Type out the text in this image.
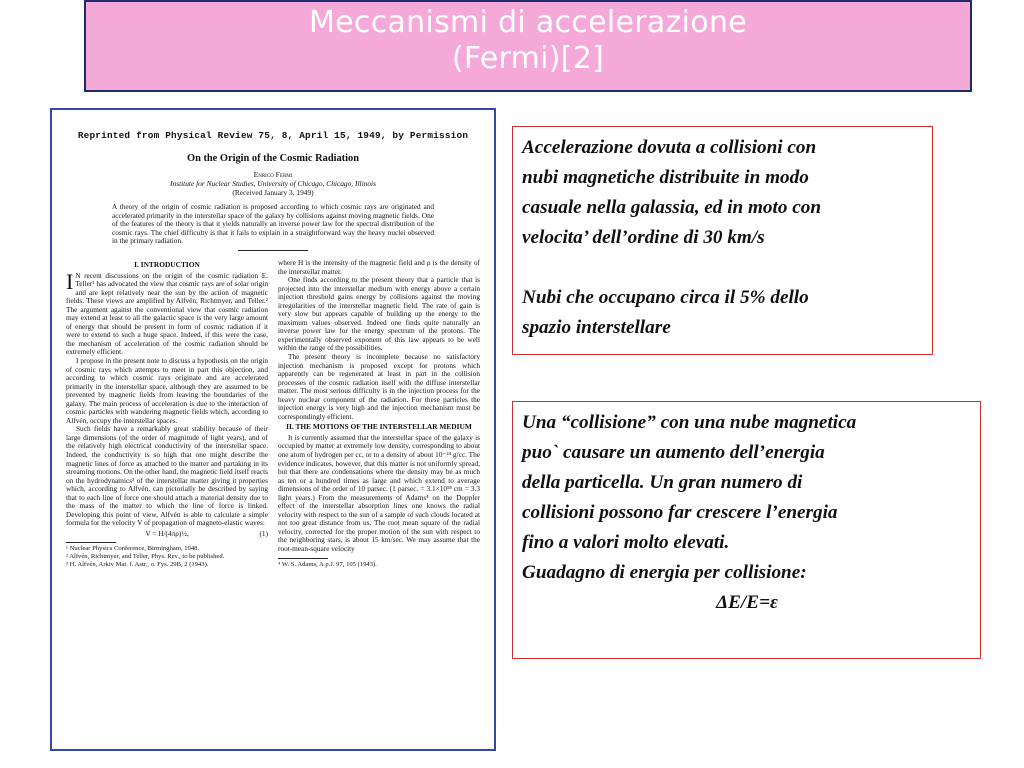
Meccanismi di accelerazione
(Fermi)[2]
Reprinted from Physical Review 75, 8, April 15, 1949, by Permission
On the Origin of the Cosmic Radiation
Enrico Fermi
Institute for Nuclear Studies, University of Chicago, Chicago, Illinois
(Received January 3, 1949)
A theory of the origin of cosmic radiation is proposed according to which cosmic rays are originated and accelerated primarily in the interstellar space of the galaxy by collisions against moving magnetic fields. One of the features of the theory is that it yields naturally an inverse power law for the spectral distribution of the cosmic rays. The chief difficulty is that it fails to explain in a straightforward way the heavy nuclei observed in the primary radiation.
I. INTRODUCTION

I N recent discussions on the origin of the cosmic radiation E. Teller¹ has advocated the view that cosmic rays are of solar origin and are kept relatively near the sun by the action of magnetic fields. These views are amplified by Alfvén, Richtmyer, and Teller.² The argument against the conventional view that cosmic radiation may extend at least to all the galactic space is the very large amount of energy that should be present in form of cosmic radiation if it were to extend to such a huge space. Indeed, if this were the case, the mechanism of acceleration of the cosmic radiation should be extremely efficient.

I propose in the present note to discuss a hypothesis on the origin of cosmic rays which attempts to meet in part this objection, and according to which cosmic rays originate and are accelerated primarily in the interstellar space, although they are assumed to be prevented by magnetic fields from leaving the boundaries of the galaxy. The main process of acceleration is due to the interaction of cosmic particles with wandering magnetic fields which, according to Alfvén, occupy the interstellar spaces.

Such fields have a remarkably great stability because of their large dimensions (of the order of magnitude of light years), and of the relatively high electrical conductivity of the interstellar space. Indeed, the conductivity is so high that one might describe the magnetic lines of force as attached to the matter and partaking in its streaming motions. On the other hand, the magnetic field itself reacts on the hydrodynamics³ of the interstellar matter giving it properties which, according to Alfvén, can pictorially be described by saying that to each line of force one should attach a material density due to the mass of the matter to which the line of force is linked. Developing this point of view, Alfvén is able to calculate a simple formula for the velocity V of propagation of magneto-elastic waves:

V = H/(4πρ)½,	(1)

¹ Nuclear Physics Conference, Birmingham, 1948.

² Alfvén, Richtmyer, and Teller, Phys. Rev., to be published.

³ H. Alfvén, Arkiv Mat. f. Astr., o. Fys. 29B, 2 (1943).

where H is the intensity of the magnetic field and ρ is the density of the interstellar matter.

One finds according to the present theory that a particle that is projected into the interstellar medium with energy above a certain injection threshold gains energy by collisions against the moving irregularities of the interstellar magnetic field. The rate of gain is very slow but appears capable of building up the energy to the maximum values observed. Indeed one finds quite naturally an inverse power law for the energy spectrum of the protons. The experimentally observed exponent of this law appears to be well within the range of the possibilities.

The present theory is incomplete because no satisfactory injection mechanism is proposed except for protons which apparently can be regenerated at least in part in the collision processes of the cosmic radiation itself with the diffuse interstellar matter. The most serious difficulty is in the injection process for the heavy nuclear component of the radiation. For these particles the injection energy is very high and the injection mechanism must be correspondingly efficient.

II. THE MOTIONS OF THE INTERSTELLAR MEDIUM

It is currently assumed that the interstellar space of the galaxy is occupied by matter at extremely low density, corresponding to about one atom of hydrogen per cc, or to a density of about 10⁻²⁴ g/cc. The evidence indicates, however, that this matter is not uniformly spread, but that there are condensations where the density may be as much as ten or a hundred times as large and which extend to average dimensions of the order of 10 parsec. (1 parsec. = 3.1×10¹⁸ cm = 3.3 light years.) From the measurements of Adams⁴ on the Doppler effect of the interstellar absorption lines one knows the radial velocity with respect to the sun of a sample of such clouds located at not too great distance from us. The root mean square of the radial velocity, corrected for the proper motion of the sun with respect to the neighboring stars, is about 15 km/sec. We may assume that the root-mean-square velocity

⁴ W. S. Adams, A.p.J. 97, 105 (1943).

Accelerazione dovuta a collisioni con

nubi magnetiche distribuite in modo

casuale nella galassia, ed in moto con

velocita’ dell’ordine di 30 km/s

Nubi che occupano circa il 5% dello

spazio interstellare

Una “collisione” con una nube magnetica

puo` causare un aumento dell’energia

della particella. Un gran numero di

collisioni possono far crescere l’energia

fino a valori molto elevati.

Guadagno di energia per collisione:

ΔE/E=ε
